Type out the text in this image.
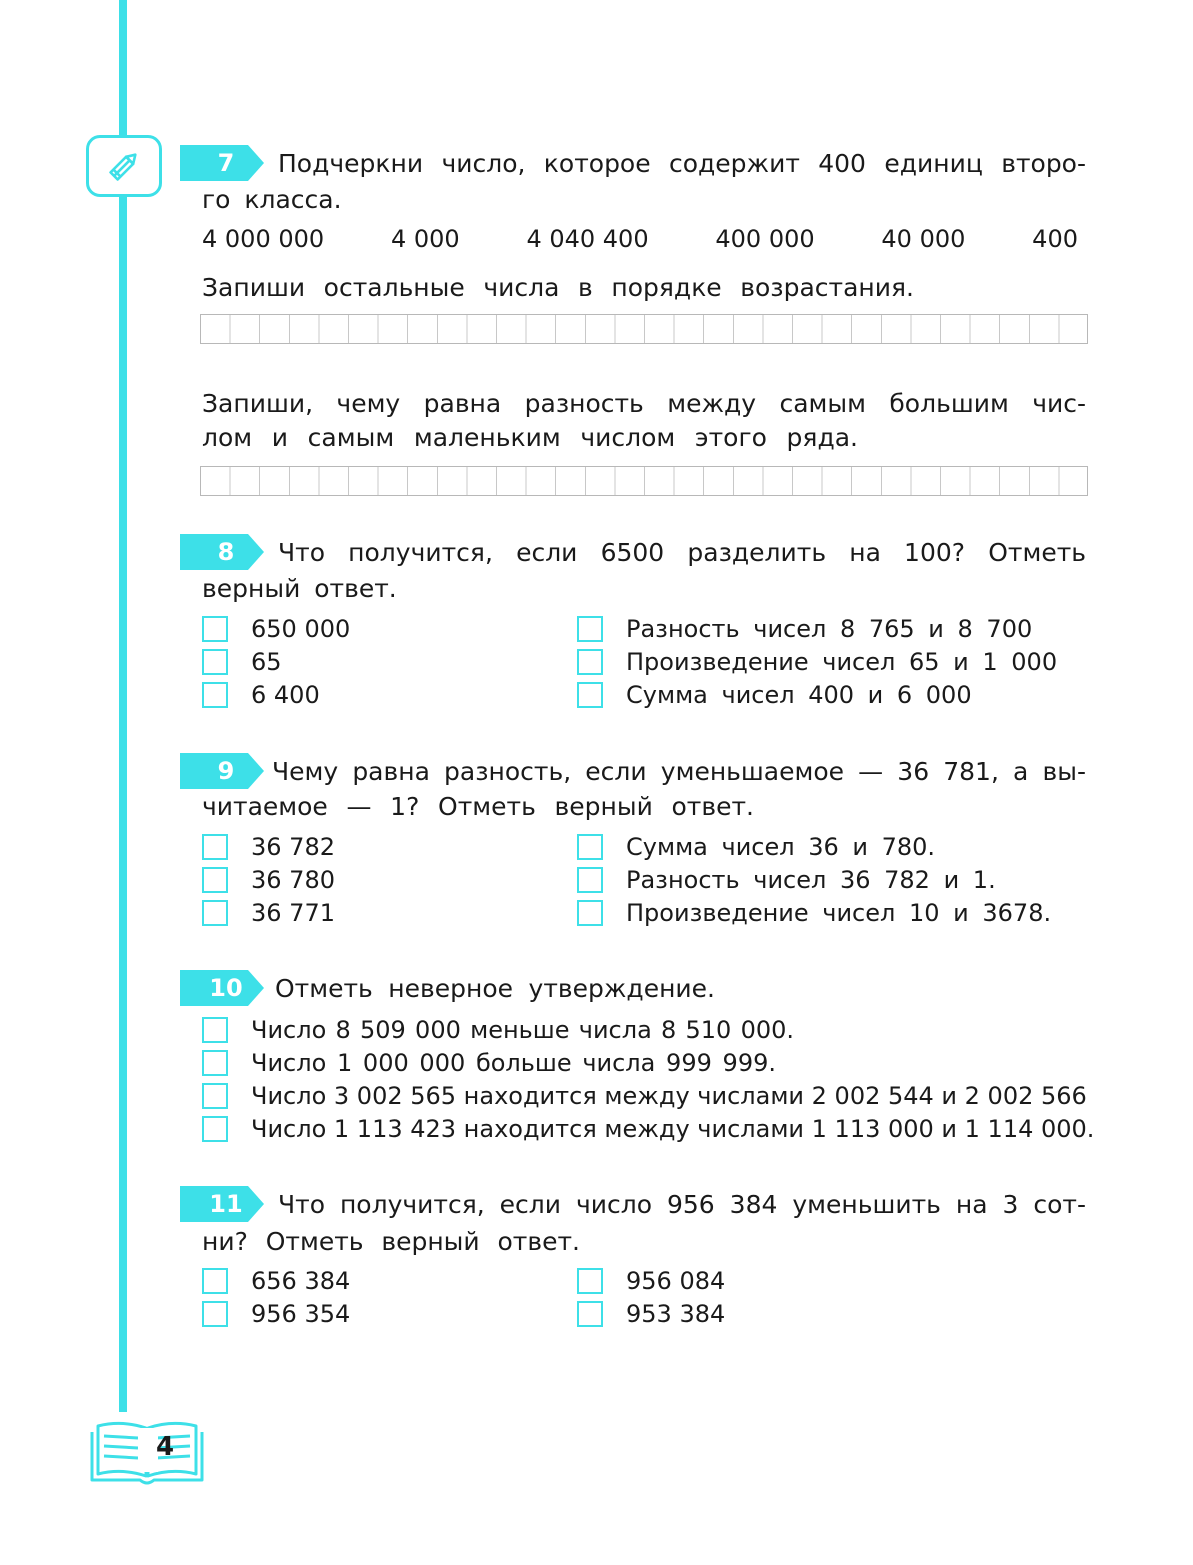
7	Подчеркни число, которое содержит 400 единиц второ-
го класса.
4 000 000	4 000	4 040 400	400 000	40 000	400
Запиши остальные числа в порядке возрастания.
Запиши, чему равна разность между самым большим чис-
лом и самым маленьким числом этого ряда.
8	Что получится, если 6500 разделить на 100? Отметь
верный ответ.
650 000
65
6 400
Разность чисел 8 765 и 8 700
Произведение чисел 65 и 1 000
Сумма чисел 400 и 6 000
9	Чему равна разность, если уменьшаемое — 36 781, а вы-
читаемое — 1? Отметь верный ответ.
36 782
36 780
36 771
Сумма чисел 36 и 780.
Разность чисел 36 782 и 1.
Произведение чисел 10 и 3678.
10	Отметь неверное утверждение.
Число 8 509 000 меньше числа 8 510 000.
Число 1 000 000 больше числа 999 999.
Число 3 002 565 находится между числами 2 002 544 и 2 002 566
Число 1 113 423 находится между числами 1 113 000 и 1 114 000.
11	Что получится, если число 956 384 уменьшить на 3 сот-
ни? Отметь верный ответ.
656 384
956 354
956 084
953 384
4
